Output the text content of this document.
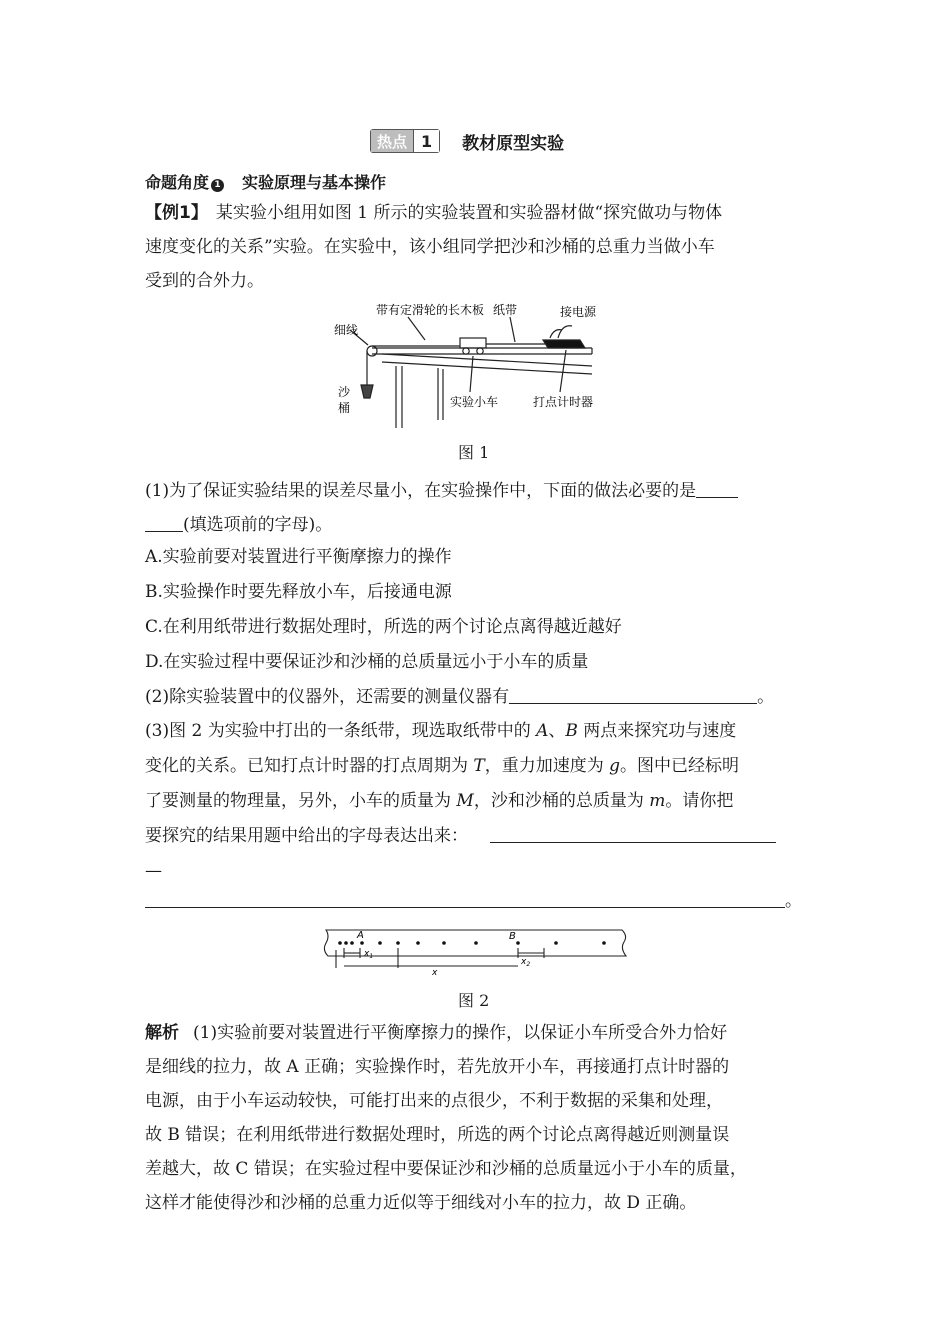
热点 1	教材原型实验
命题角度 1 实验原理与基本操作
【例1】 某实验小组用如图 1 所示的实验装置和实验器材做“探究做功与物体
速度变化的关系”实验。在实验中，该小组同学把沙和沙桶的总重力当做小车
受到的合外力。
带有定滑轮的长木板 纸带	接电源
细线
沙
桶	实验小车	打点计时器
图 1
(1)为了保证实验结果的误差尽量小，在实验操作中，下面的做法必要的是
(填选项前的字母)。
A.实验前要对装置进行平衡摩擦力的操作
B.实验操作时要先释放小车，后接通电源
C.在利用纸带进行数据处理时，所选的两个讨论点离得越近越好
D.在实验过程中要保证沙和沙桶的总质量远小于小车的质量
(2)除实验装置中的仪器外，还需要的测量仪器有	。
(3)图 2 为实验中打出的一条纸带，现选取纸带中的 A、B 两点来探究功与速度
变化的关系。已知打点计时器的打点周期为 T，重力加速度为 g。图中已经标明
了要测量的物理量，另外，小车的质量为 M，沙和沙桶的总质量为 m。请你把
要探究的结果用题中给出的字母表达出来：
—
。
A	B
$x_1$
$x_2$
x
图 2
解析 (1)实验前要对装置进行平衡摩擦力的操作，以保证小车所受合外力恰好
是细线的拉力，故 A 正确；实验操作时，若先放开小车，再接通打点计时器的
电源，由于小车运动较快，可能打出来的点很少，不利于数据的采集和处理，
故 B 错误；在利用纸带进行数据处理时，所选的两个讨论点离得越近则测量误
差越大，故 C 错误；在实验过程中要保证沙和沙桶的总质量远小于小车的质量，
这样才能使得沙和沙桶的总重力近似等于细线对小车的拉力，故 D 正确。
